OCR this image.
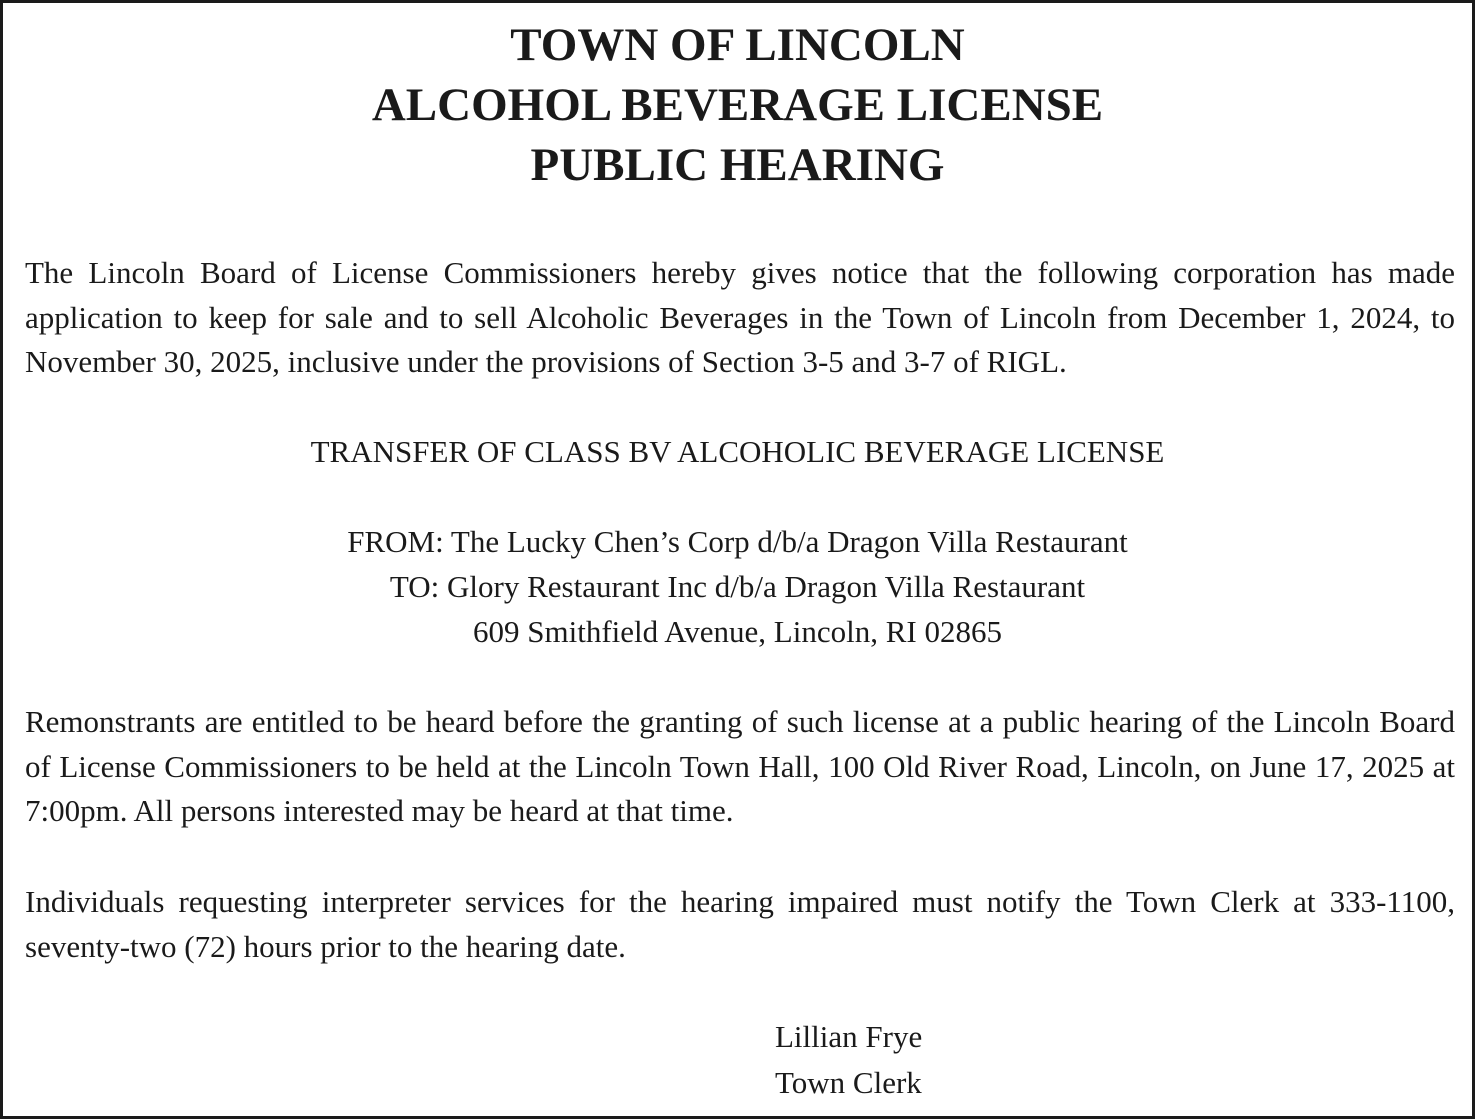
TOWN OF LINCOLN
ALCOHOL BEVERAGE LICENSE
PUBLIC HEARING
The Lincoln Board of License Commissioners hereby gives notice that the following corporation has made application to keep for sale and to sell Alcoholic Beverages in the Town of Lincoln from December 1, 2024, to November 30, 2025, inclusive under the provisions of Section 3-5 and 3-7 of RIGL.
TRANSFER OF CLASS BV ALCOHOLIC BEVERAGE LICENSE
FROM: The Lucky Chen’s Corp d/b/a Dragon Villa Restaurant
TO: Glory Restaurant Inc d/b/a Dragon Villa Restaurant
609 Smithfield Avenue, Lincoln, RI 02865
Remonstrants are entitled to be heard before the granting of such license at a public hearing of the Lincoln Board of License Commissioners to be held at the Lincoln Town Hall, 100 Old River Road, Lincoln, on June 17, 2025 at 7:00pm. All persons interested may be heard at that time.
Individuals requesting interpreter services for the hearing impaired must notify the Town Clerk at 333-1100, seventy-two (72) hours prior to the hearing date.
Lillian Frye
Town Clerk
